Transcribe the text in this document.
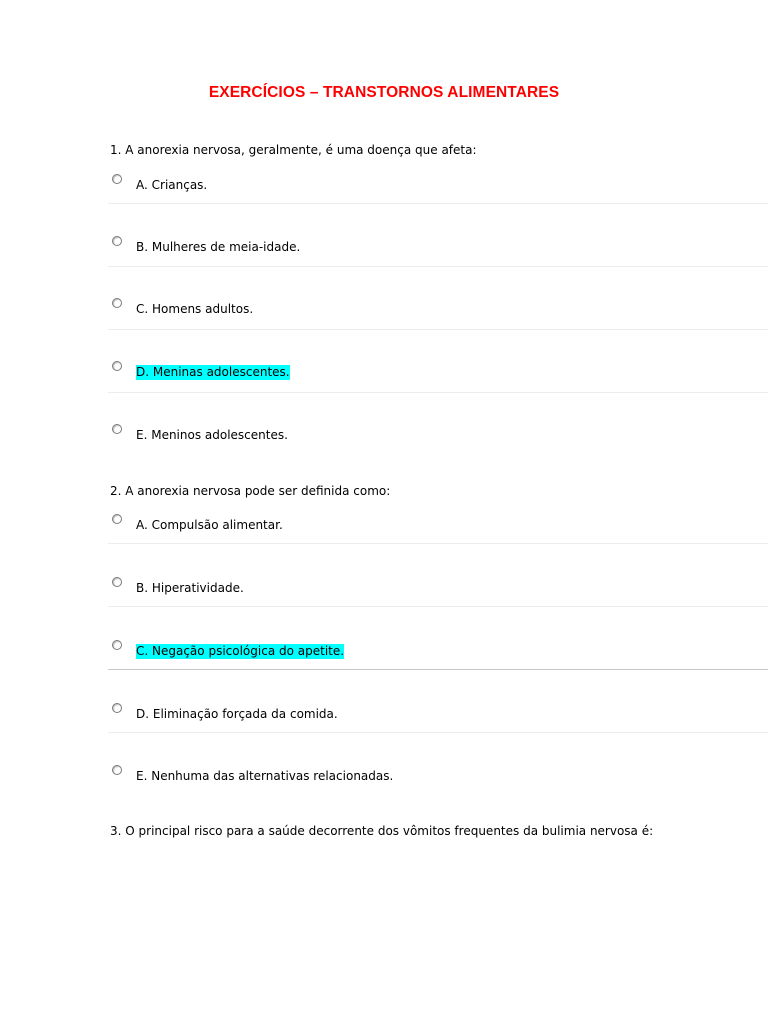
EXERCÍCIOS – TRANSTORNOS ALIMENTARES
1. A anorexia nervosa, geralmente, é uma doença que afeta:
A. Crianças.
B. Mulheres de meia-idade.
C. Homens adultos.
D. Meninas adolescentes.
E. Meninos adolescentes.
2. A anorexia nervosa pode ser definida como:
A. Compulsão alimentar.
B. Hiperatividade.
C. Negação psicológica do apetite.
D. Eliminação forçada da comida.
E. Nenhuma das alternativas relacionadas.
3. O principal risco para a saúde decorrente dos vômitos frequentes da bulimia nervosa é:
